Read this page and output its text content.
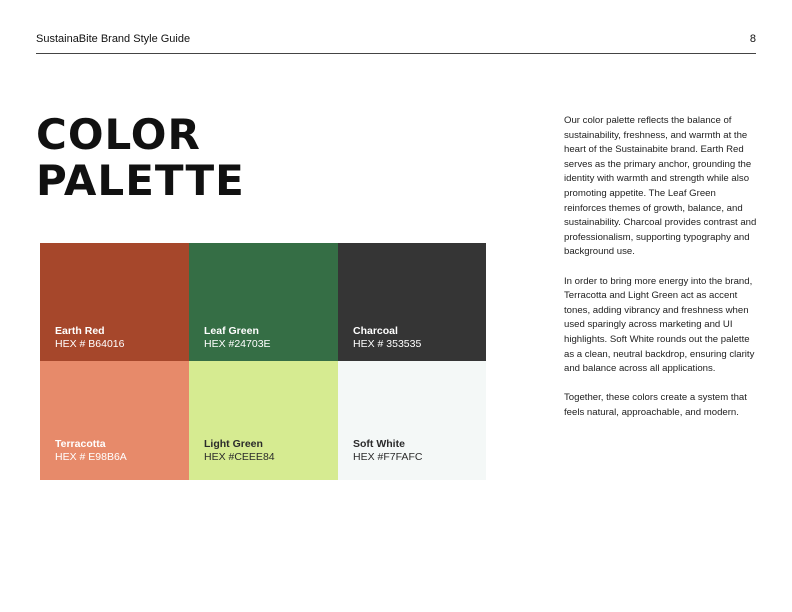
SustainaBite Brand Style Guide	8
COLOR
PALETTE
Earth Red
HEX # B64016
Leaf Green
HEX #24703E
Charcoal
HEX # 353535
Terracotta
HEX # E98B6A
Light Green
HEX #CEEE84
Soft White
HEX #F7FAFC

Our color palette reflects the balance of sustainability, freshness, and warmth at the heart of the Sustainabite brand. Earth Red serves as the primary anchor, grounding the identity with warmth and strength while also promoting appetite. The Leaf Green reinforces themes of growth, balance, and sustainability. Charcoal provides contrast and professionalism, supporting typography and background use.

In order to bring more energy into the brand, Terracotta and Light Green act as accent tones, adding vibrancy and freshness when used sparingly across marketing and UI highlights. Soft White rounds out the palette as a clean, neutral backdrop, ensuring clarity and balance across all applications.

Together, these colors create a system that feels natural, approachable, and modern.
